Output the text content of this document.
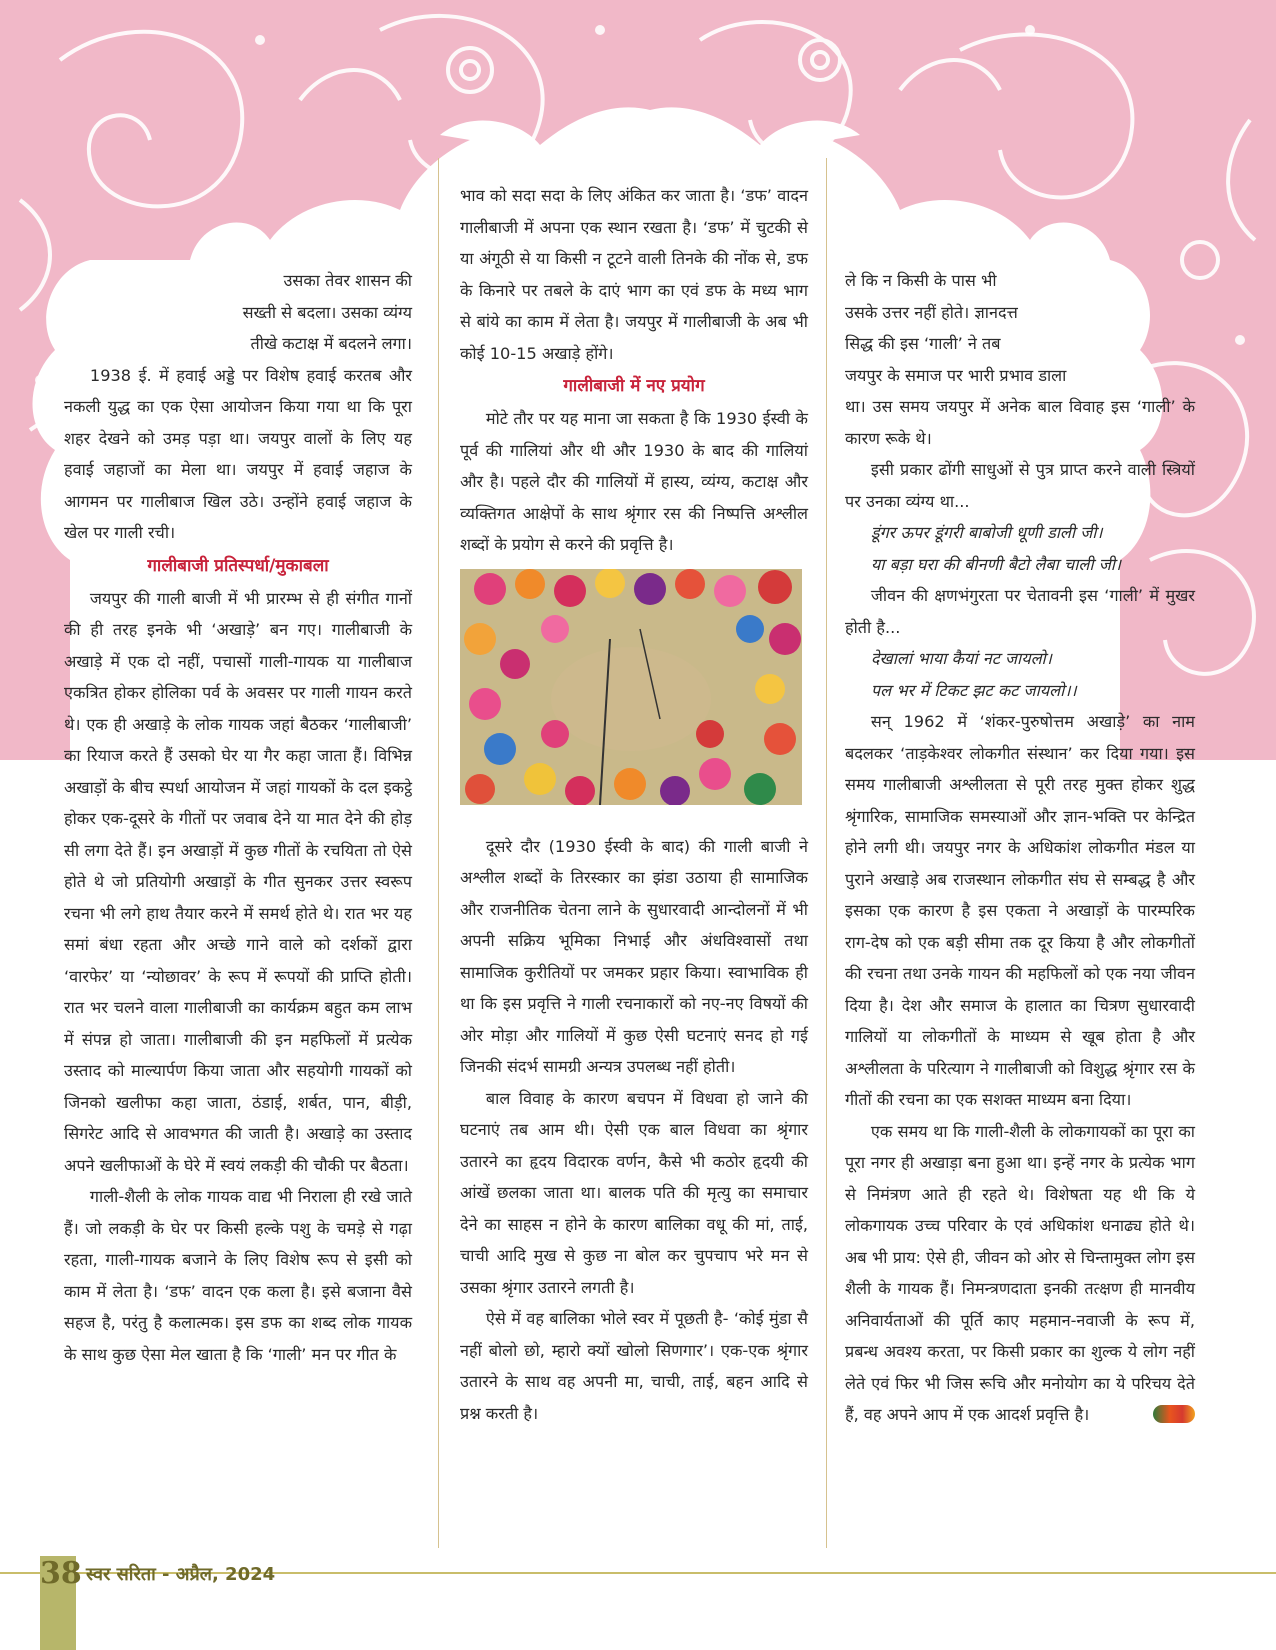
उसका तेवर शासन की

सख्ती से बदला। उसका व्यंग्य

तीखे कटाक्ष में बदलने लगा।

1938 ई. में हवाई अड्डे पर विशेष हवाई करतब और नकली युद्ध का एक ऐसा आयोजन किया गया था कि पूरा शहर देखने को उमड़ पड़ा था। जयपुर वालों के लिए यह हवाई जहाजों का मेला था। जयपुर में हवाई जहाज के आगमन पर गालीबाज खिल उठे। उन्होंने हवाई जहाज के खेल पर गाली रची।

गालीबाजी प्रतिस्पर्धा/मुकाबला

जयपुर की गाली बाजी में भी प्रारम्भ से ही संगीत गानों की ही तरह इनके भी ‘अखाड़े’ बन गए। गालीबाजी के अखाड़े में एक दो नहीं, पचासों गाली-गायक या गालीबाज एकत्रित होकर होलिका पर्व के अवसर पर गाली गायन करते थे। एक ही अखाड़े के लोक गायक जहां बैठकर ‘गालीबाजी’ का रियाज करते हैं उसको घेर या गैर कहा जाता हैं। विभिन्न अखाड़ों के बीच स्पर्धा आयोजन में जहां गायकों के दल इकट्ठे होकर एक-दूसरे के गीतों पर जवाब देने या मात देने की होड़ सी लगा देते हैं। इन अखाड़ों में कुछ गीतों के रचयिता तो ऐसे होते थे जो प्रतियोगी अखाड़ों के गीत सुनकर उत्तर स्वरूप रचना भी लगे हाथ तैयार करने में समर्थ होते थे। रात भर यह समां बंधा रहता और अच्छे गाने वाले को दर्शकों द्वारा ‘वारफेर’ या ‘न्योछावर’ के रूप में रूपयों की प्राप्ति होती। रात भर चलने वाला गालीबाजी का कार्यक्रम बहुत कम लाभ में संपन्न हो जाता। गालीबाजी की इन महफिलों में प्रत्येक उस्ताद को माल्यार्पण किया जाता और सहयोगी गायकों को जिनको खलीफा कहा जाता, ठंडाई, शर्बत, पान, बीड़ी, सिगरेट आदि से आवभगत की जाती है। अखाड़े का उस्ताद अपने खलीफाओं के घेरे में स्वयं लकड़ी की चौकी पर बैठता।

गाली-शैली के लोक गायक वाद्य भी निराला ही रखे जाते हैं। जो लकड़ी के घेर पर किसी हल्के पशु के चमड़े से गढ़ा रहता, गाली-गायक बजाने के लिए विशेष रूप से इसी को काम में लेता है। ‘डफ’ वादन एक कला है। इसे बजाना वैसे सहज है, परंतु है कलात्मक। इस डफ का शब्द लोक गायक के साथ कुछ ऐसा मेल खाता है कि ‘गाली’ मन पर गीत के

भाव को सदा सदा के लिए अंकित कर जाता है। ‘डफ’ वादन गालीबाजी में अपना एक स्थान रखता है। ‘डफ’ में चुटकी से या अंगूठी से या किसी न टूटने वाली तिनके की नोंक से, डफ के किनारे पर तबले के दाएं भाग का एवं डफ के मध्य भाग से बांये का काम में लेता है। जयपुर में गालीबाजी के अब भी कोई 10-15 अखाड़े होंगे।

गालीबाजी में नए प्रयोग

मोटे तौर पर यह माना जा सकता है कि 1930 ईस्वी के पूर्व की गालियां और थी और 1930 के बाद की गालियां और है। पहले दौर की गालियों में हास्य, व्यंग्य, कटाक्ष और व्यक्तिगत आक्षेपों के साथ श्रृंगार रस की निष्पत्ति अश्लील शब्दों के प्रयोग से करने की प्रवृत्ति है।

दूसरे दौर (1930 ईस्वी के बाद) की गाली बाजी ने अश्लील शब्दों के तिरस्कार का झंडा उठाया ही सामाजिक और राजनीतिक चेतना लाने के सुधारवादी आन्दोलनों में भी अपनी सक्रिय भूमिका निभाई और अंधविश्वासों तथा सामाजिक कुरीतियों पर जमकर प्रहार किया। स्वाभाविक ही था कि इस प्रवृत्ति ने गाली रचनाकारों को नए-नए विषयों की ओर मोड़ा और गालियों में कुछ ऐसी घटनाएं सनद हो गई जिनकी संदर्भ सामग्री अन्यत्र उपलब्ध नहीं होती।

बाल विवाह के कारण बचपन में विधवा हो जाने की घटनाएं तब आम थी। ऐसी एक बाल विधवा का श्रृंगार उतारने का हृदय विदारक वर्णन, कैसे भी कठोर हृदयी की आंखें छलका जाता था। बालक पति की मृत्यु का समाचार देने का साहस न होने के कारण बालिका वधू की मां, ताई, चाची आदि मुख से कुछ ना बोल कर चुपचाप भरे मन से उसका श्रृंगार उतारने लगती है।

ऐसे में वह बालिका भोले स्वर में पूछती है- ‘कोई मुंडा सै नहीं बोलो छो, म्हारो क्यों खोलो सिणगार’। एक-एक श्रृंगार उतारने के साथ वह अपनी मा, चाची, ताई, बहन आदि से प्रश्न करती है।

ले कि न किसी के पास भी

उसके उत्तर नहीं होते। ज्ञानदत्त

सिद्ध की इस ‘गाली’ ने तब

जयपुर के समाज पर भारी प्रभाव डाला

था। उस समय जयपुर में अनेक बाल विवाह इस ‘गाली’ के कारण रूके थे।

इसी प्रकार ढोंगी साधुओं से पुत्र प्राप्त करने वाली स्त्रियों पर उनका व्यंग्य था...

डूंगर ऊपर डूंगरी बाबोजी धूणी डाली जी।

या बड़ा घरा की बीनणी बैटो लैबा चाली जी।

जीवन की क्षणभंगुरता पर चेतावनी इस ‘गाली’ में मुखर होती है...

देखालां भाया कैयां नट जायलो।

पल भर में टिकट झट कट जायलो।।

सन् 1962 में ‘शंकर-पुरुषोत्तम अखाड़े’ का नाम बदलकर ‘ताड़केश्वर लोकगीत संस्थान’ कर दिया गया। इस समय गालीबाजी अश्लीलता से पूरी तरह मुक्त होकर शुद्ध श्रृंगारिक, सामाजिक समस्याओं और ज्ञान-भक्ति पर केन्द्रित होने लगी थी। जयपुर नगर के अधिकांश लोकगीत मंडल या पुराने अखाड़े अब राजस्थान लोकगीत संघ से सम्बद्ध है और इसका एक कारण है इस एकता ने अखाड़ों के पारम्परिक राग-देष को एक बड़ी सीमा तक दूर किया है और लोकगीतों की रचना तथा उनके गायन की महफिलों को एक नया जीवन दिया है। देश और समाज के हालात का चित्रण सुधारवादी गालियों या लोकगीतों के माध्यम से खूब होता है और अश्लीलता के परित्याग ने गालीबाजी को विशुद्ध श्रृंगार रस के गीतों की रचना का एक सशक्त माध्यम बना दिया।

एक समय था कि गाली-शैली के लोकगायकों का पूरा का पूरा नगर ही अखाड़ा बना हुआ था। इन्हें नगर के प्रत्येक भाग से निमंत्रण आते ही रहते थे। विशेषता यह थी कि ये लोकगायक उच्च परिवार के एवं अधिकांश धनाढ्य होते थे। अब भी प्राय: ऐसे ही, जीवन को ओर से चिन्तामुक्त लोग इस शैली के गायक हैं। निमन्त्रणदाता इनकी तत्क्षण ही मानवीय अनिवार्यताओं की पूर्ति काए महमान-नवाजी के रूप में, प्रबन्ध अवश्य करता, पर किसी प्रकार का शुल्क ये लोग नहीं लेते एवं फिर भी जिस रूचि और मनोयोग का ये परिचय देते हैं, वह अपने आप में एक आदर्श प्रवृत्ति है।

38 स्वर सरिता - अप्रैल, 2024
